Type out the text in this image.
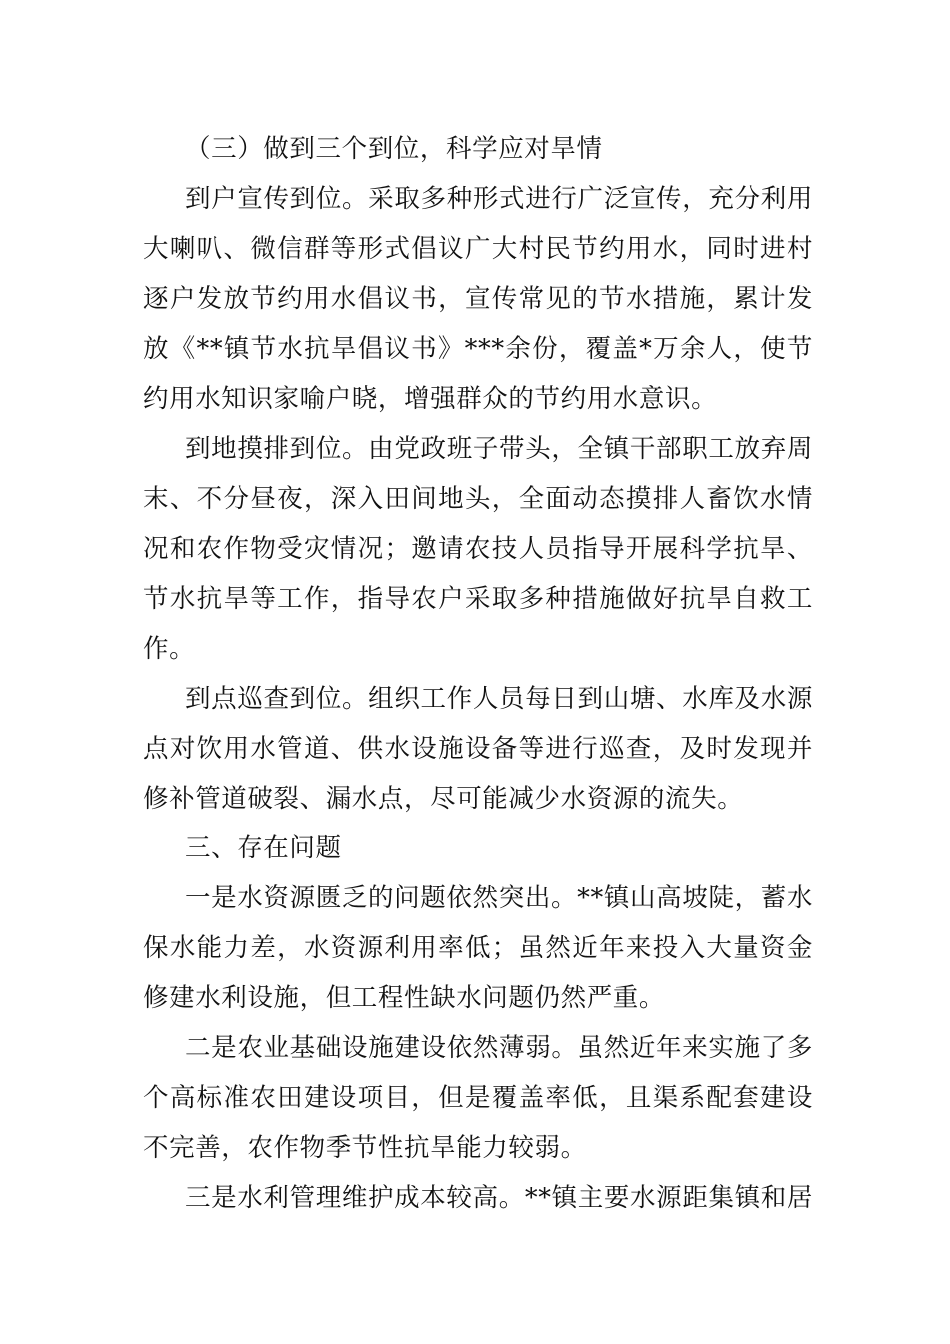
（三）做到三个到位，科学应对旱情
到户宣传到位。采取多种形式进行广泛宣传，充分利用
大喇叭、微信群等形式倡议广大村民节约用水，同时进村
逐户发放节约用水倡议书，宣传常见的节水措施，累计发
放《**镇节水抗旱倡议书》***余份，覆盖*万余人，使节
约用水知识家喻户晓，增强群众的节约用水意识。
到地摸排到位。由党政班子带头，全镇干部职工放弃周
末、不分昼夜，深入田间地头，全面动态摸排人畜饮水情
况和农作物受灾情况；邀请农技人员指导开展科学抗旱、
节水抗旱等工作，指导农户采取多种措施做好抗旱自救工
作。
到点巡查到位。组织工作人员每日到山塘、水库及水源
点对饮用水管道、供水设施设备等进行巡查，及时发现并
修补管道破裂、漏水点，尽可能减少水资源的流失。
三、存在问题
一是水资源匮乏的问题依然突出。**镇山高坡陡，蓄水
保水能力差，水资源利用率低；虽然近年来投入大量资金
修建水利设施，但工程性缺水问题仍然严重。
二是农业基础设施建设依然薄弱。虽然近年来实施了多
个高标准农田建设项目，但是覆盖率低，且渠系配套建设
不完善，农作物季节性抗旱能力较弱。
三是水利管理维护成本较高。**镇主要水源距集镇和居
